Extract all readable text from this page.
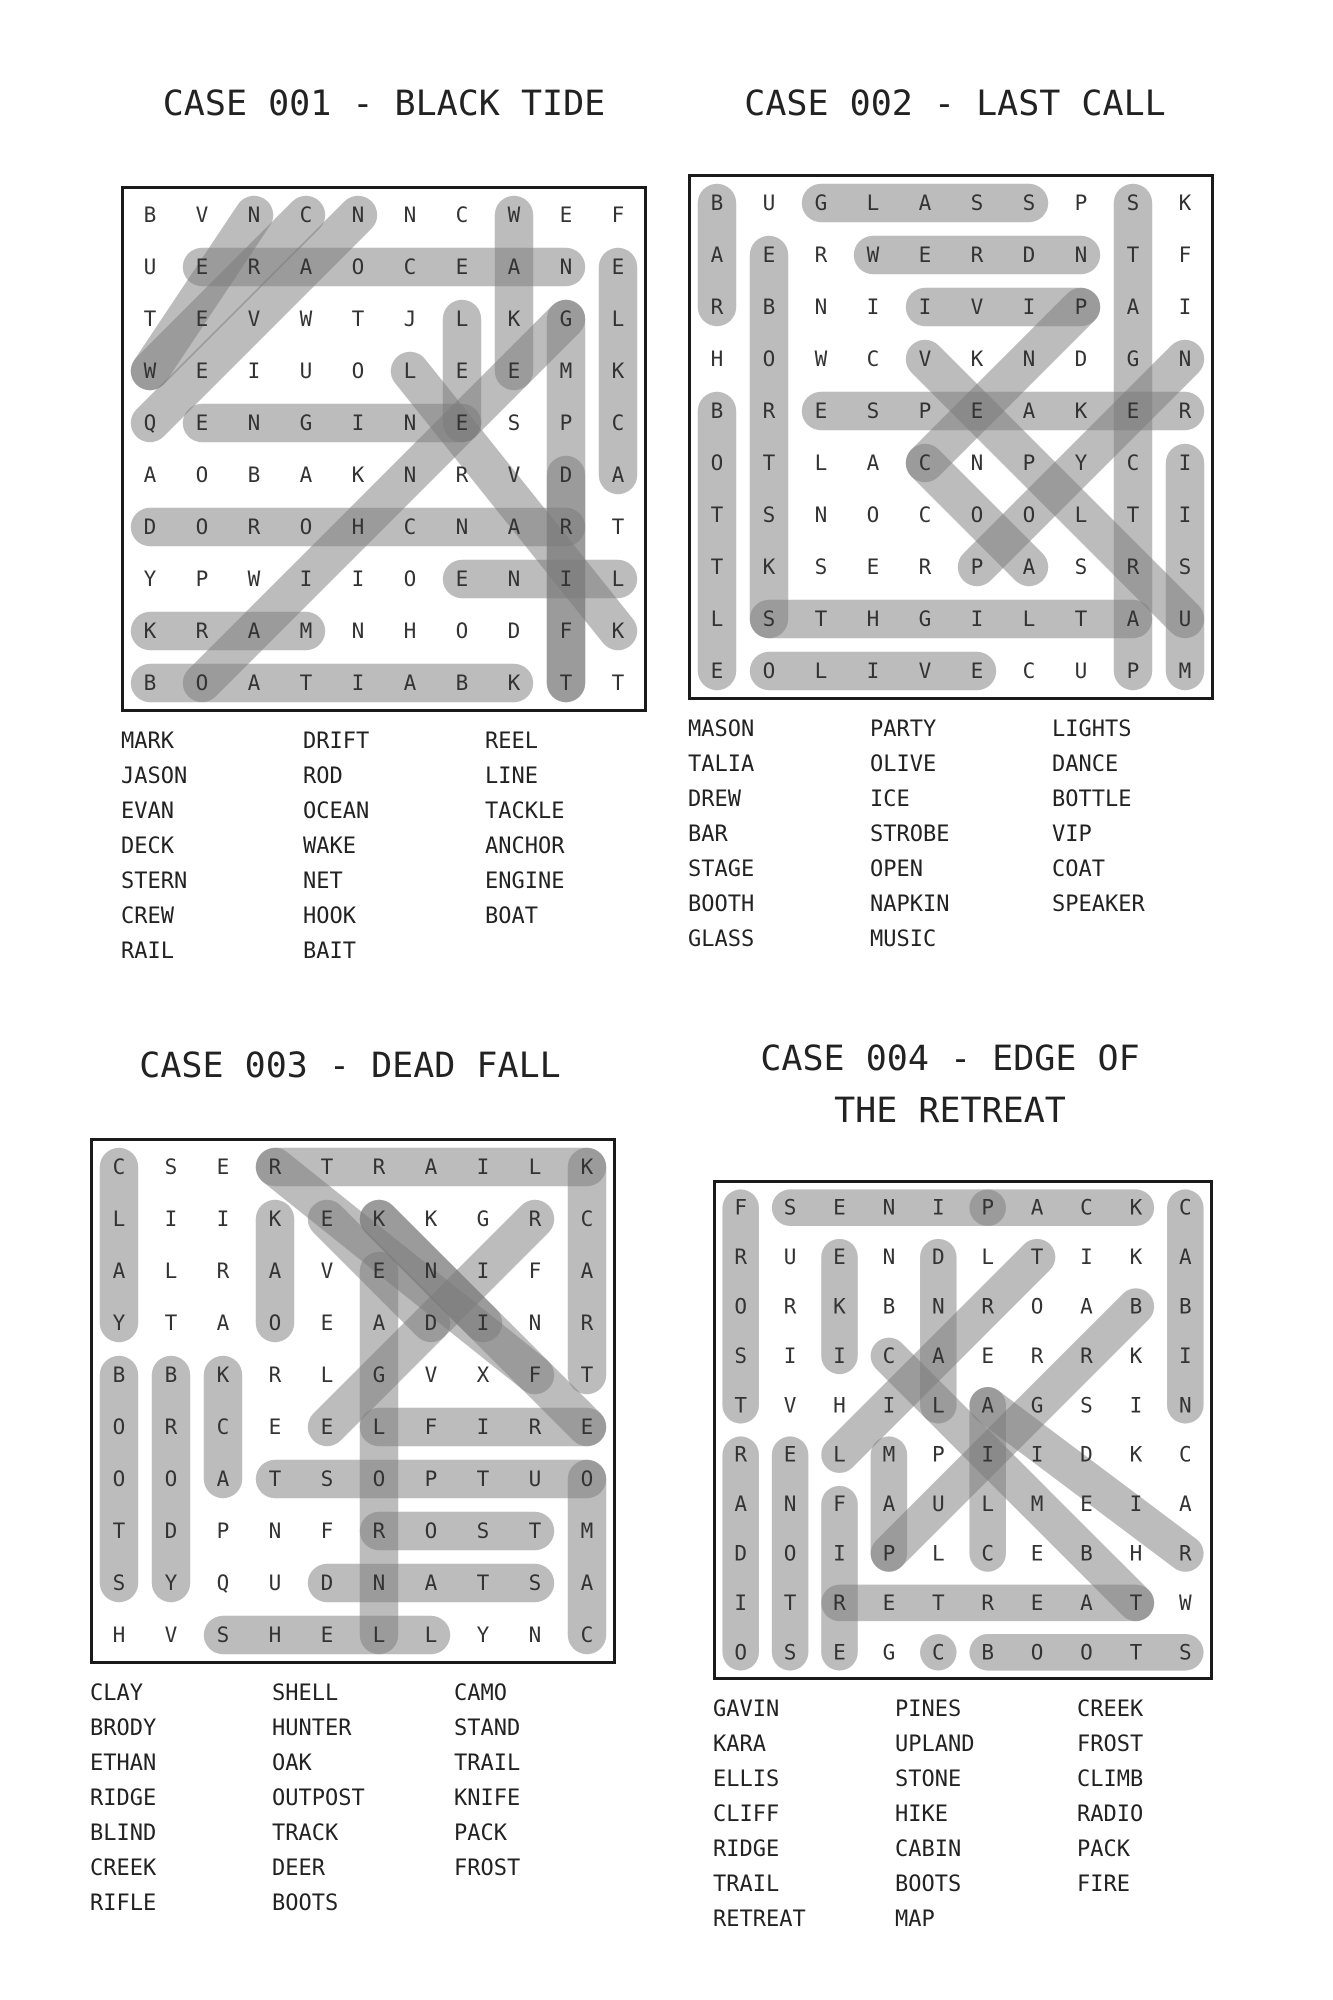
CASE 001 - BLACK TIDE
B V N C N N C W E F
U E R A O C E A N E
T E V W T J L K G L
W E I U O L E E M K
Q E N G I N E S P C
A O B A K N R V D A
D O R O H C N A R T
Y P W I I O E N I L
K R A M N H O D F K
B O A T I A B K T T
MARK	DRIFT	REEL
JASON	ROD	LINE
EVAN	OCEAN	TACKLE
DECK	WAKE	ANCHOR
STERN	NET	ENGINE
CREW	HOOK	BOAT
RAIL	BAIT
CASE 002 - LAST CALL
B U G L A S S P S K
A E R W E R D N T F
R B N I I V I P A I
H O W C V K N D G N
B R E S P E A K E R
O T L A C N P Y C I
T S N O C O O L T I
T K S E R P A S R S
L S T H G I L T A U
E O L I V E C U P M
MASON	PARTY	LIGHTS
TALIA	OLIVE	DANCE
DREW	ICE	BOTTLE
BAR	STROBE	VIP
STAGE	OPEN	COAT
BOOTH	NAPKIN	SPEAKER
GLASS	MUSIC
CASE 003 - DEAD FALL
C S E R T R A I L K
L I I K E K K G R C
A L R A V E N I F A
Y T A O E A D I N R
B B K R L G V X F T
O R C E E L F I R E
O O A T S O P T U O
T D P N F R O S T M
S Y Q U D N A T S A
H V S H E L L Y N C
CLAY	SHELL	CAMO
BRODY	HUNTER	STAND
ETHAN	OAK	TRAIL
RIDGE	OUTPOST	KNIFE
BLIND	TRACK	PACK
CREEK	DEER	FROST
RIFLE	BOOTS
CASE 004 - EDGE OF
THE RETREAT
F S E N I P A C K C
R U E N D L T I K A
O R K B N R O A B B
S I I C A E R R K I
T V H I L A G S I N
R E L M P I I D K C
A N F A U L M E I A
D O I P L C E B H R
I T R E T R E A T W
O S E G C B O O T S
GAVIN	PINES	CREEK
KARA	UPLAND	FROST
ELLIS	STONE	CLIMB
CLIFF	HIKE	RADIO
RIDGE	CABIN	PACK
TRAIL	BOOTS	FIRE
RETREAT	MAP
